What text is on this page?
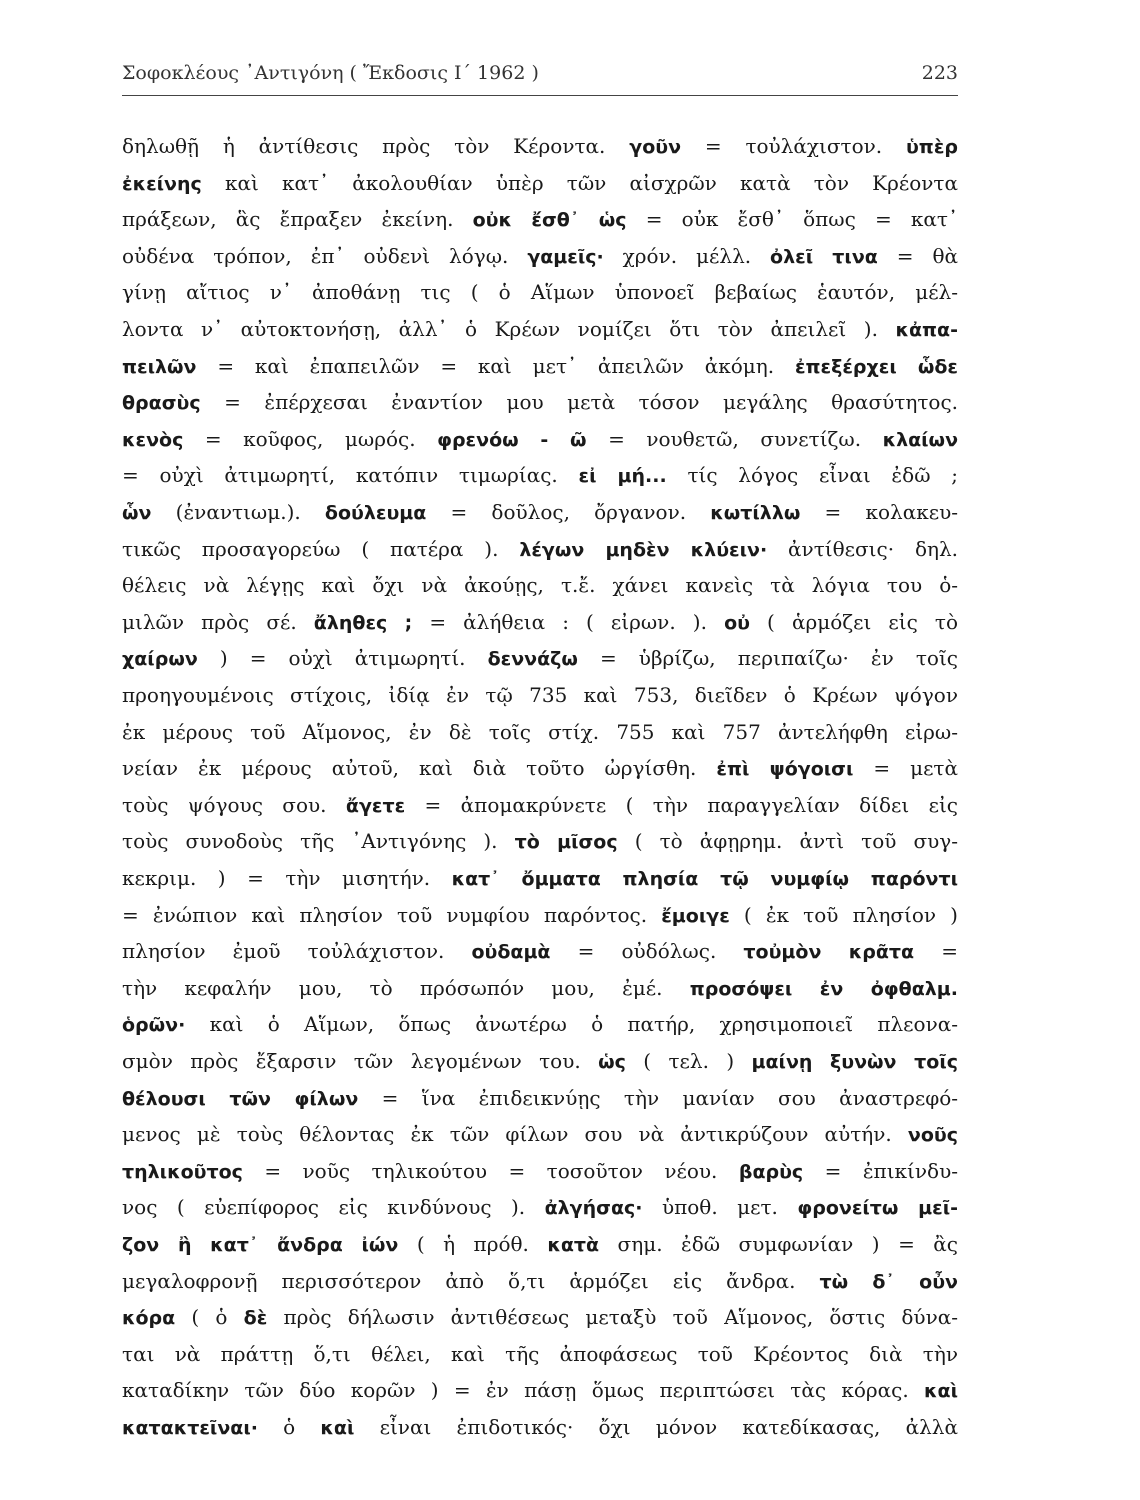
Σοφοκλέους ᾿Αντιγόνη ( Ἔκδοσις Ι΄ 1962 )	223
δηλωθῇ ἡ ἀντίθεσις πρὸς τὸν Κέροντα. γοῦν = τοὐλάχιστον. ὑπὲρ
ἐκείνης καὶ κατ᾿ ἀκολουθίαν ὑπὲρ τῶν αἰσχρῶν κατὰ τὸν Κρέοντα
πράξεων, ἃς ἔπραξεν ἐκείνη. οὐκ ἔσθ᾿ ὡς = οὐκ ἔσθ᾿ ὅπως = κατ᾿
οὐδένα τρόπον, ἐπ᾿ οὐδενὶ λόγῳ. γαμεῖς· χρόν. μέλλ. ὀλεῖ τινα = θὰ
γίνῃ αἴτιος ν᾿ ἀποθάνῃ τις ( ὁ Αἵμων ὑπονοεῖ βεβαίως ἑαυτόν, μέλ-
λοντα ν᾿ αὐτοκτονήσῃ, ἀλλ᾿ ὁ Κρέων νομίζει ὅτι τὸν ἀπειλεῖ ). κἀπα-
πειλῶν = καὶ ἐπαπειλῶν = καὶ μετ᾿ ἀπειλῶν ἀκόμη. ἐπεξέρχει ὧδε
θρασὺς = ἐπέρχεσαι ἐναντίον μου μετὰ τόσον μεγάλης θρασύτητος.
κενὸς = κοῦφος, μωρός. φρενόω - ῶ = νουθετῶ, συνετίζω. κλαίων
= οὐχὶ ἀτιμωρητί, κατόπιν τιμωρίας. εἰ μή... τίς λόγος εἶναι ἐδῶ ;
ὧν (ἐναντιωμ.). δούλευμα = δοῦλος, ὄργανον. κωτίλλω = κολακευ-
τικῶς προσαγορεύω ( πατέρα ). λέγων μηδὲν κλύειν· ἀντίθεσις· δηλ.
θέλεις νὰ λέγῃς καὶ ὄχι νὰ ἀκούῃς, τ.ἔ. χάνει κανεὶς τὰ λόγια του ὁ-
μιλῶν πρὸς σέ. ἄληθες ; = ἀλήθεια : ( εἰρων. ). οὐ ( ἁρμόζει εἰς τὸ
χαίρων ) = οὐχὶ ἀτιμωρητί. δεννάζω = ὑβρίζω, περιπαίζω· ἐν τοῖς
προηγουμένοις στίχοις, ἰδίᾳ ἐν τῷ 735 καὶ 753, διεῖδεν ὁ Κρέων ψόγον
ἐκ μέρους τοῦ Αἵμονος, ἐν δὲ τοῖς στίχ. 755 καὶ 757 ἀντελήφθη εἰρω-
νείαν ἐκ μέρους αὐτοῦ, καὶ διὰ τοῦτο ὠργίσθη. ἐπὶ ψόγοισι = μετὰ
τοὺς ψόγους σου. ἄγετε = ἀπομακρύνετε ( τὴν παραγγελίαν δίδει εἰς
τοὺς συνοδοὺς τῆς ᾿Αντιγόνης ). τὸ μῖσος ( τὸ ἀφῃρημ. ἀντὶ τοῦ συγ-
κεκριμ. ) = τὴν μισητήν. κατ᾿ ὄμματα πλησία τῷ νυμφίῳ παρόντι
= ἐνώπιον καὶ πλησίον τοῦ νυμφίου παρόντος. ἔμοιγε ( ἐκ τοῦ πλησίον )
πλησίον ἐμοῦ τοὐλάχιστον. οὐδαμὰ = οὐδόλως. τοὐμὸν κρᾶτα =
τὴν κεφαλήν μου, τὸ πρόσωπόν μου, ἐμέ. προσόψει ἐν ὀφθαλμ.
ὁρῶν· καὶ ὁ Αἵμων, ὅπως ἀνωτέρω ὁ πατήρ, χρησιμοποιεῖ πλεονα-
σμὸν πρὸς ἔξαρσιν τῶν λεγομένων του. ὡς ( τελ. ) μαίνῃ ξυνὼν τοῖς
θέλουσι τῶν φίλων = ἵνα ἐπιδεικνύῃς τὴν μανίαν σου ἀναστρεφό-
μενος μὲ τοὺς θέλοντας ἐκ τῶν φίλων σου νὰ ἀντικρύζουν αὐτήν. νοῦς
τηλικοῦτος = νοῦς τηλικούτου = τοσοῦτον νέου. βαρὺς = ἐπικίνδυ-
νος ( εὐεπίφορος εἰς κινδύνους ). ἀλγήσας· ὑποθ. μετ. φρονείτω μεῖ-
ζον ἢ κατ᾿ ἄνδρα ἰών ( ἡ πρόθ. κατὰ σημ. ἐδῶ συμφωνίαν ) = ἂς
μεγαλοφρονῇ περισσότερον ἀπὸ ὅ,τι ἁρμόζει εἰς ἄνδρα. τὼ δ᾿ οὖν
κόρα ( ὁ δὲ πρὸς δήλωσιν ἀντιθέσεως μεταξὺ τοῦ Αἵμονος, ὅστις δύνα-
ται νὰ πράττῃ ὅ,τι θέλει, καὶ τῆς ἀποφάσεως τοῦ Κρέοντος διὰ τὴν
καταδίκην τῶν δύο κορῶν ) = ἐν πάσῃ ὅμως περιπτώσει τὰς κόρας. καὶ
κατακτεῖναι· ὁ καὶ εἶναι ἐπιδοτικός· ὄχι μόνον κατεδίκασας, ἀλλὰ
